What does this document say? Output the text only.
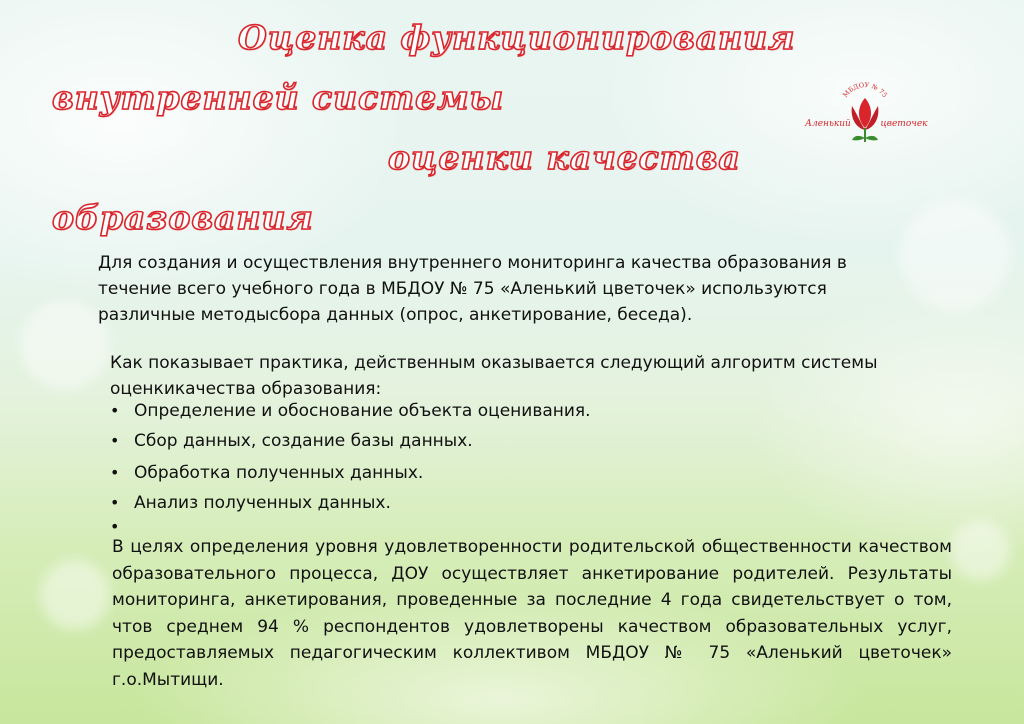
Оценка функционирования
внутренней системы
оценки качества
образования
МБДОУ № 75
Аленький	цветочек

Для создания и осуществления внутреннего мониторинга качества образования в течение всего учебного года в МБДОУ № 75 «Аленький цветочек» используются различные методысбора данных (опрос, анкетирование, беседа).

Как показывает практика, действенным оказывается следующий алгоритм системы оценкикачества образования:

• Определение и обоснование объекта оценивания.
• Сбор данных, создание базы данных.
• Обработка полученных данных.
• Анализ полученных данных.
•

В целях определения уровня удовлетворенности родительской общественности качеством образовательного процесса, ДОУ осуществляет анкетирование родителей. Результаты мониторинга, анкетирования, проведенные за последние 4 года свидетельствует о том, чтов среднем 94 % респондентов удовлетворены качеством образовательных услуг, предоставляемых педагогическим коллективом МБДОУ № 75 «Аленький цветочек» г.о.Мытищи.
